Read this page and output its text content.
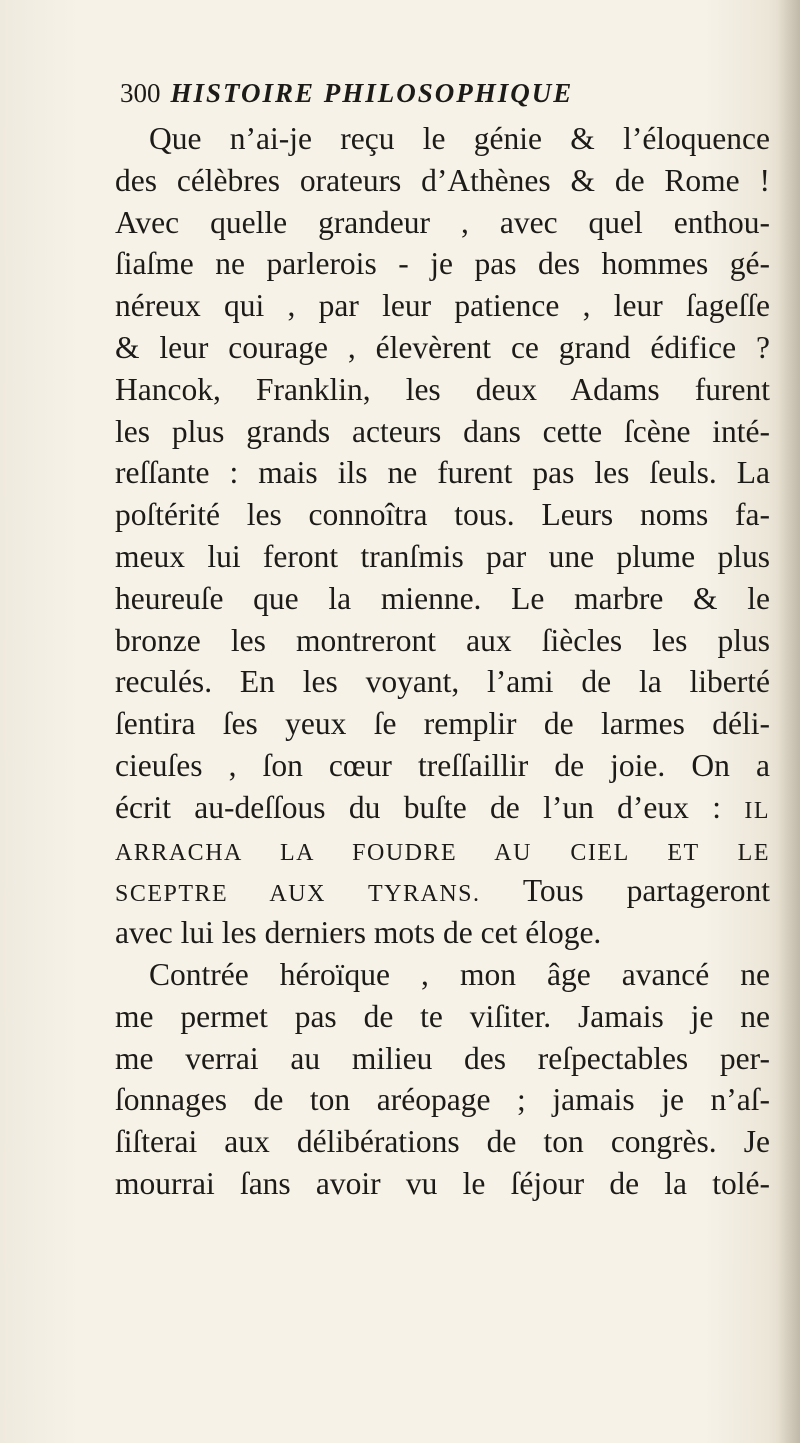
300 HISTOIRE PHILOSOPHIQUE
Que n’ai-je reçu le génie & l’éloquence
des célèbres orateurs d’Athènes & de Rome !
Avec quelle grandeur , avec quel enthou-
ſiaſme ne parlerois - je pas des hommes gé-
néreux qui , par leur patience , leur ſageſſe
& leur courage , élevèrent ce grand édifice ?
Hancok, Franklin, les deux Adams furent
les plus grands acteurs dans cette ſcène inté-
reſſante : mais ils ne furent pas les ſeuls. La
poſtérité les connoîtra tous. Leurs noms fa-
meux lui feront tranſmis par une plume plus
heureuſe que la mienne. Le marbre & le
bronze les montreront aux ſiècles les plus
reculés. En les voyant, l’ami de la liberté
ſentira ſes yeux ſe remplir de larmes déli-
cieuſes , ſon cœur treſſaillir de joie. On a
écrit au-deſſous du buſte de l’un d’eux : IL
ARRACHA LA FOUDRE AU CIEL ET LE
SCEPTRE AUX TYRANS. Tous partageront
avec lui les derniers mots de cet éloge.
Contrée héroïque , mon âge avancé ne
me permet pas de te viſiter. Jamais je ne
me verrai au milieu des reſpectables per-
ſonnages de ton aréopage ; jamais je n’aſ-
ſiſterai aux délibérations de ton congrès. Je
mourrai ſans avoir vu le ſéjour de la tolé-
